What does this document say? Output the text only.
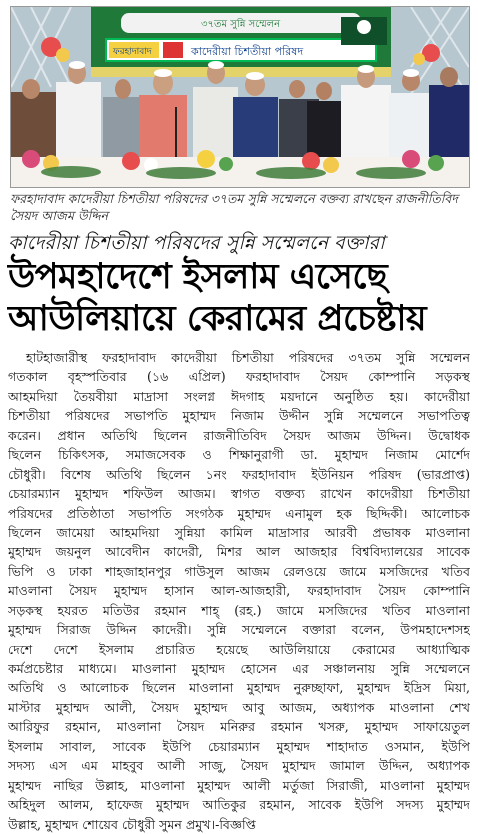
ফরহাদাবাদ	কাদেরীয়া চিশতীয়া পরিষদ
৩৭তম সুন্নি সম্মেলন
ফরহাদাবাদ কাদেরীয়া চিশতীয়া পরিষদের ৩৭তম সুন্নি সম্মেলনে বক্তব্য রাখছেন রাজনীতিবিদ সৈয়দ আজম উদ্দিন
কাদেরীয়া চিশতীয়া পরিষদের সুন্নি সম্মেলনে বক্তারা
উপমহাদেশে ইসলাম এসেছে
আউলিয়ায়ে কেরামের প্রচেষ্টায়
হাটহাজারীস্থ ফরহাদাবাদ কাদেরীয়া চিশতীয়া পরিষদের ৩৭তম সুন্নি সম্মেলন
গতকাল বৃহস্পতিবার (১৬ এপ্রিল) ফরহাদাবাদ সৈয়দ কোম্পানি সড়কস্থ
আহমদিয়া তৈয়বীয়া মাদ্রাসা সংলগ্ন ঈদগাহ ময়দানে অনুষ্ঠিত হয়। কাদেরীয়া
চিশতীয়া পরিষদের সভাপতি মুহাম্মদ নিজাম উদ্দীন সুন্নি সম্মেলনে সভাপতিত্ব
করেন। প্রধান অতিথি ছিলেন রাজনীতিবিদ সৈয়দ আজম উদ্দিন। উদ্বোধক
ছিলেন চিকিৎসক, সমাজসেবক ও শিক্ষানুরাগী ডা. মুহাম্মদ নিজাম মোর্শেদ
চৌধুরী। বিশেষ অতিথি ছিলেন ১নং ফরহাদাবাদ ইউনিয়ন পরিষদ (ভারপ্রাপ্ত)
চেয়ারম্যান মুহাম্মদ শফিউল আজম। স্বাগত বক্তব্য রাখেন কাদেরীয়া চিশতীয়া
পরিষদের প্রতিষ্ঠাতা সভাপতি সংগঠক মুহাম্মদ এনামুল হক ছিদ্দিকী। আলোচক
ছিলেন জামেয়া আহমদিয়া সুন্নিয়া কামিল মাদ্রাসার আরবী প্রভাষক মাওলানা
মুহাম্মদ জয়নুল আবেদীন কাদেরী, মিশর আল আজহার বিশ্ববিদ্যালয়ের সাবেক
ভিপি ও ঢাকা শাহজাহানপুর গাউসুল আজম রেলওয়ে জামে মসজিদের খতিব
মাওলানা সৈয়দ মুহাম্মদ হাসান আল-আজহারী, ফরহাদাবাদ সৈয়দ কোম্পানি
সড়কস্থ হযরত মতিউর রহমান শাহ্ (রহ.) জামে মসজিদের খতিব মাওলানা
মুহাম্মদ সিরাজ উদ্দিন কাদেরী। সুন্নি সম্মেলনে বক্তারা বলেন, উপমহাদেশসহ
দেশে দেশে ইসলাম প্রচারিত হয়েছে আউলিয়ায়ে কেরামের আধ্যাত্মিক
কর্মপ্রচেষ্টার মাধ্যমে। মাওলানা মুহাম্মদ হোসেন এর সঞ্চালনায় সুন্নি সম্মেলনে
অতিথি ও আলোচক ছিলেন মাওলানা মুহাম্মদ নুরুচ্ছাফা, মুহাম্মদ ইদ্রিস মিয়া,
মাস্টার মুহাম্মদ আলী, সৈয়দ মুহাম্মদ আবু আজম, অধ্যাপক মাওলানা শেখ
আরিফুর রহমান, মাওলানা সৈয়দ মনিরুর রহমান খসরু, মুহাম্মদ সাফায়েতুল
ইসলাম সাবাল, সাবেক ইউপি চেয়ারম্যান মুহাম্মদ শাহাদাত ওসমান, ইউপি
সদস্য এস এম মাহবুব আলী সাজু, সৈয়দ মুহাম্মদ জামাল উদ্দিন, অধ্যাপক
মুহাম্মদ নাছির উল্লাহ, মাওলানা মুহাম্মদ আলী মর্তুজা সিরাজী, মাওলানা মুহাম্মদ
অহিদুল আলম, হাফেজ মুহাম্মদ আতিকুর রহমান, সাবেক ইউপি সদস্য মুহাম্মদ
উল্লাহ, মুহাম্মদ শোয়েব চৌধুরী সুমন প্রমুখ।-বিজ্ঞপ্তি
